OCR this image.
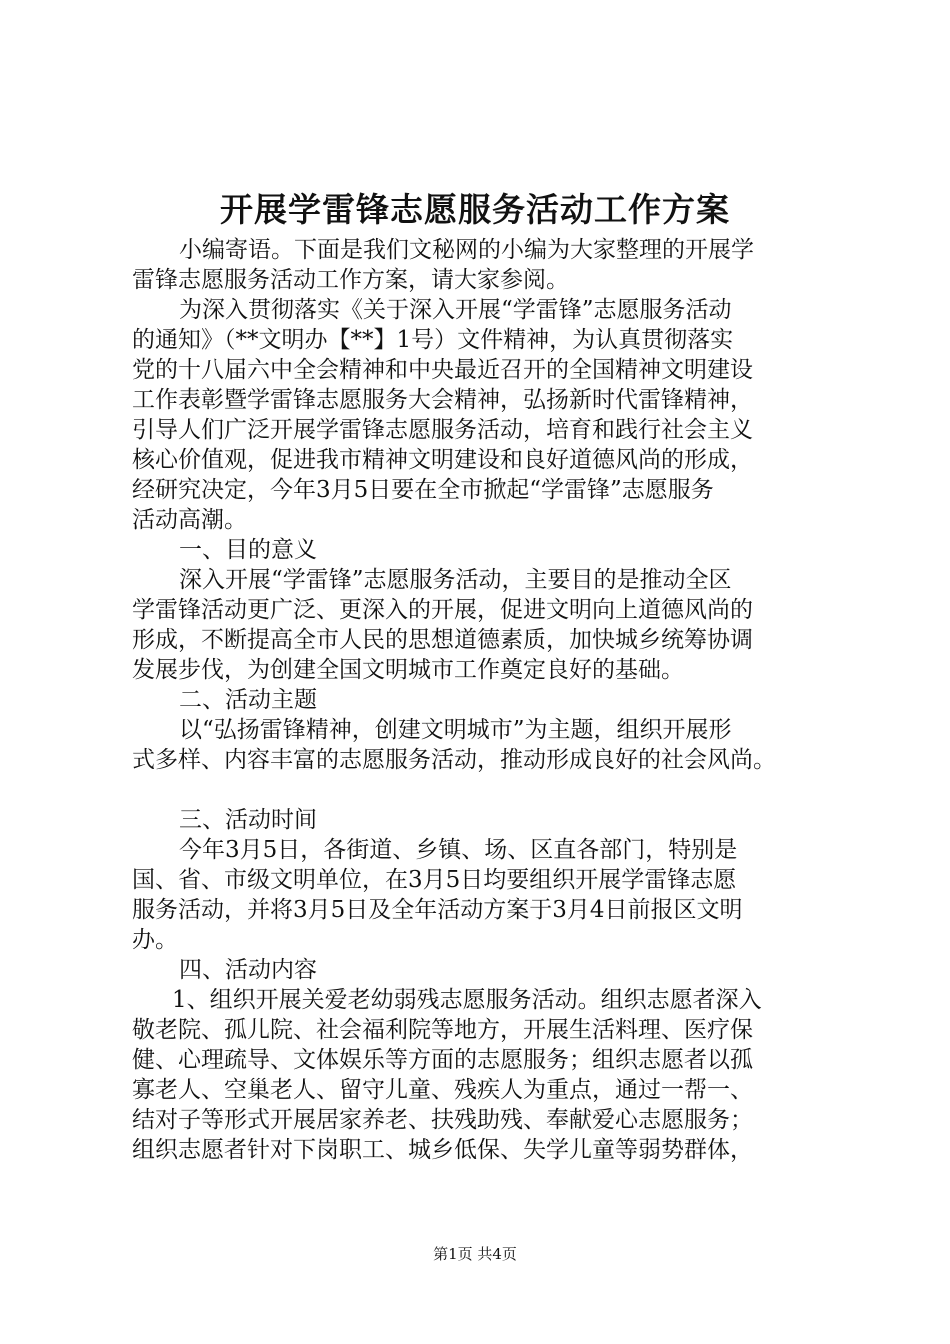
开展学雷锋志愿服务活动工作方案
小编寄语。下面是我们文秘网的小编为大家整理的开展学
雷锋志愿服务活动工作方案，请大家参阅。
为深入贯彻落实《关于深入开展“学雷锋”志愿服务活动
的通知》（**文明办【**】1号）文件精神，为认真贯彻落实
党的十八届六中全会精神和中央最近召开的全国精神文明建设
工作表彰暨学雷锋志愿服务大会精神，弘扬新时代雷锋精神，
引导人们广泛开展学雷锋志愿服务活动，培育和践行社会主义
核心价值观，促进我市精神文明建设和良好道德风尚的形成，
经研究决定，今年3月5日要在全市掀起“学雷锋”志愿服务
活动高潮。
一、目的意义
深入开展“学雷锋”志愿服务活动，主要目的是推动全区
学雷锋活动更广泛、更深入的开展，促进文明向上道德风尚的
形成，不断提高全市人民的思想道德素质，加快城乡统筹协调
发展步伐，为创建全国文明城市工作奠定良好的基础。
二、活动主题
以“弘扬雷锋精神，创建文明城市”为主题，组织开展形
式多样、内容丰富的志愿服务活动，推动形成良好的社会风尚。
三、活动时间
今年3月5日，各街道、乡镇、场、区直各部门，特别是
国、省、市级文明单位，在3月5日均要组织开展学雷锋志愿
服务活动，并将3月5日及全年活动方案于3月4日前报区文明
办。
四、活动内容
1、组织开展关爱老幼弱残志愿服务活动。组织志愿者深入
敬老院、孤儿院、社会福利院等地方，开展生活料理、医疗保
健、心理疏导、文体娱乐等方面的志愿服务；组织志愿者以孤
寡老人、空巢老人、留守儿童、残疾人为重点，通过一帮一、
结对子等形式开展居家养老、扶残助残、奉献爱心志愿服务；
组织志愿者针对下岗职工、城乡低保、失学儿童等弱势群体，
第1页 共4页
